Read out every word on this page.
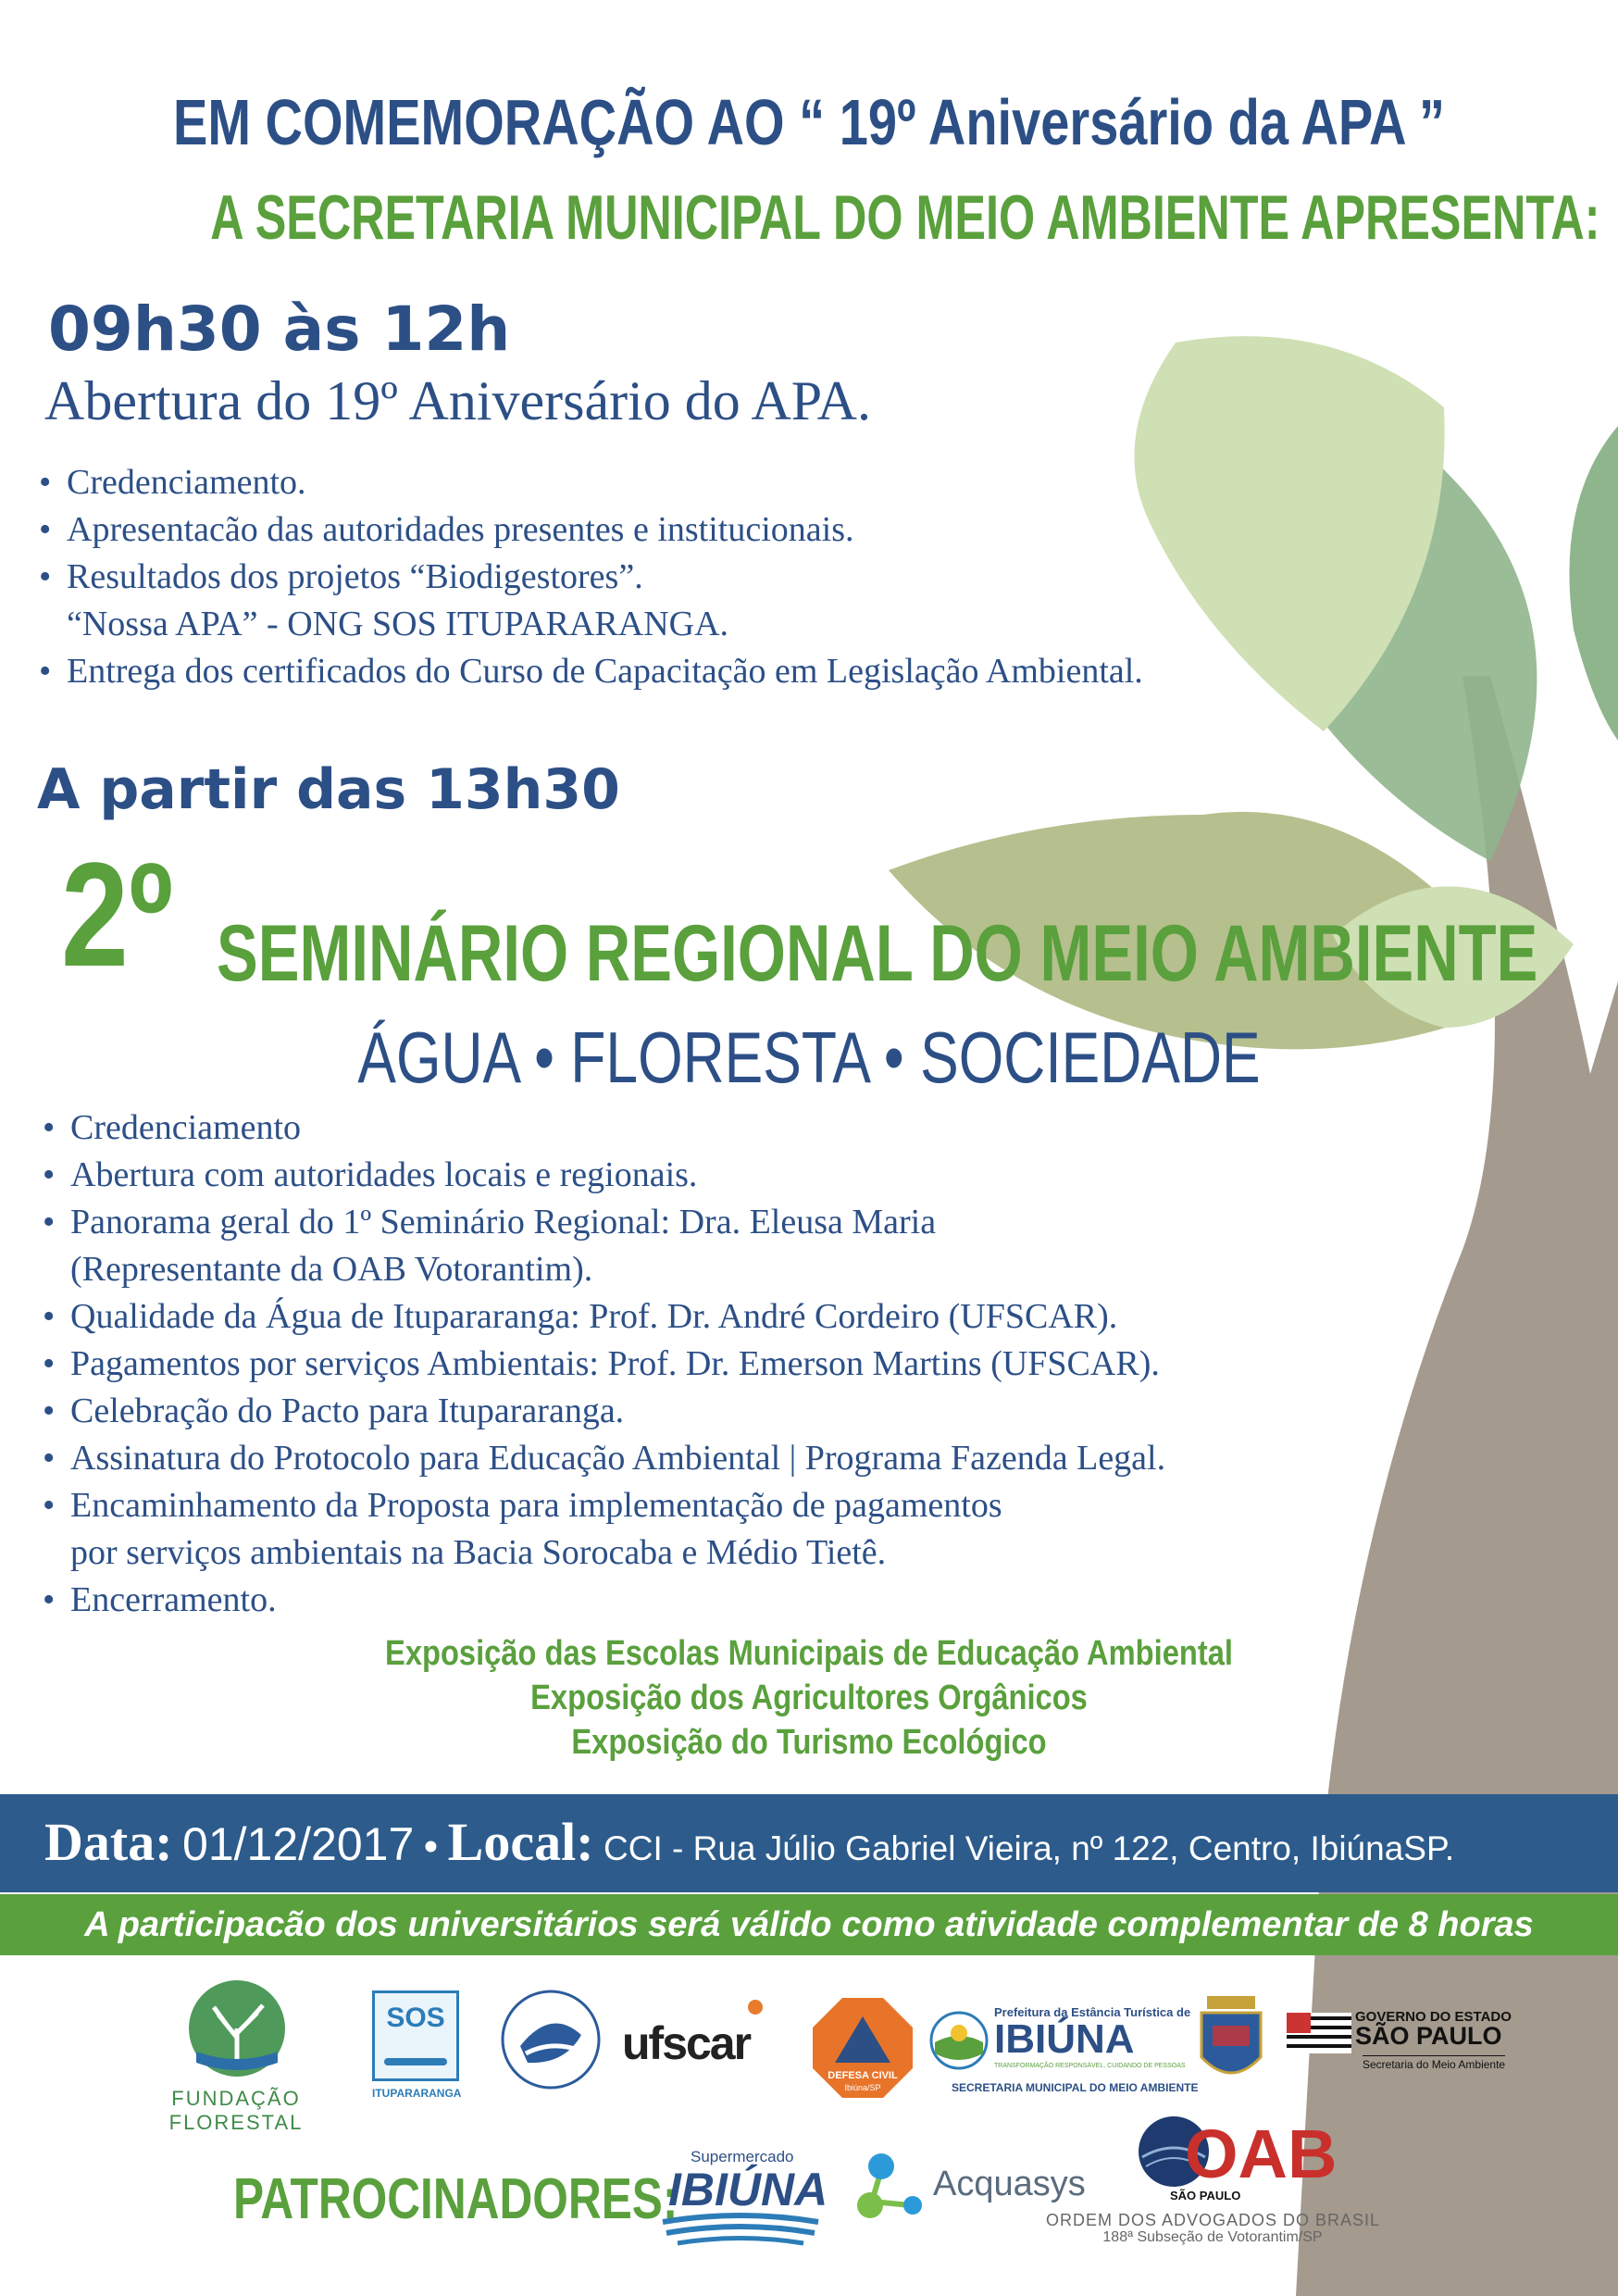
EM COMEMORAÇÃO AO “ 19º Aniversário da APA ”
A SECRETARIA MUNICIPAL DO MEIO AMBIENTE APRESENTA:
09h30 às 12h
Abertura do 19º Aniversário do APA.
• Credenciamento.
• Apresentacão das autoridades presentes e institucionais.
• Resultados dos projetos “Biodigestores”.
“Nossa APA” - ONG SOS ITUPARARANGA.
• Entrega dos certificados do Curso de Capacitação em Legislação Ambiental.
A partir das 13h30
2º SEMINÁRIO REGIONAL DO MEIO AMBIENTE
ÁGUA • FLORESTA • SOCIEDADE
• Credenciamento
• Abertura com autoridades locais e regionais.
• Panorama geral do 1º Seminário Regional: Dra. Eleusa Maria
(Representante da OAB Votorantim).
• Qualidade da Água de Itupararanga: Prof. Dr. André Cordeiro (UFSCAR).
• Pagamentos por serviços Ambientais: Prof. Dr. Emerson Martins (UFSCAR).
• Celebração do Pacto para Itupararanga.
• Assinatura do Protocolo para Educação Ambiental | Programa Fazenda Legal.
• Encaminhamento da Proposta para implementação de pagamentos
por serviços ambientais na Bacia Sorocaba e Médio Tietê.
• Encerramento.
Exposição das Escolas Municipais de Educação Ambiental
Exposição dos Agricultores Orgânicos
Exposição do Turismo Ecológico
Data: 01/12/2017 • Local: CCI - Rua Júlio Gabriel Vieira, nº 122, Centro, IbiúnaSP.
A participacão dos universitários será válido como atividade complementar de 8 horas
FUNDAÇÃO FLORESTAL
SOS
ITUPARARANGA
ufscar
DEFESA CIVIL
Ibiúna/SP
Prefeitura da Estância Turística de
IBIÚNA
TRANSFORMAÇÃO RESPONSÁVEL, CUIDANDO DE PESSOAS
SECRETARIA MUNICIPAL DO MEIO AMBIENTE
GOVERNO DO ESTADO
SÃO PAULO
Secretaria do Meio Ambiente
PATROCINADORES:
Supermercado
IBIÚNA	Acquasys OAB
SÃO PAULO
ORDEM DOS ADVOGADOS DO BRASIL
188ª Subseção de Votorantim/SP
